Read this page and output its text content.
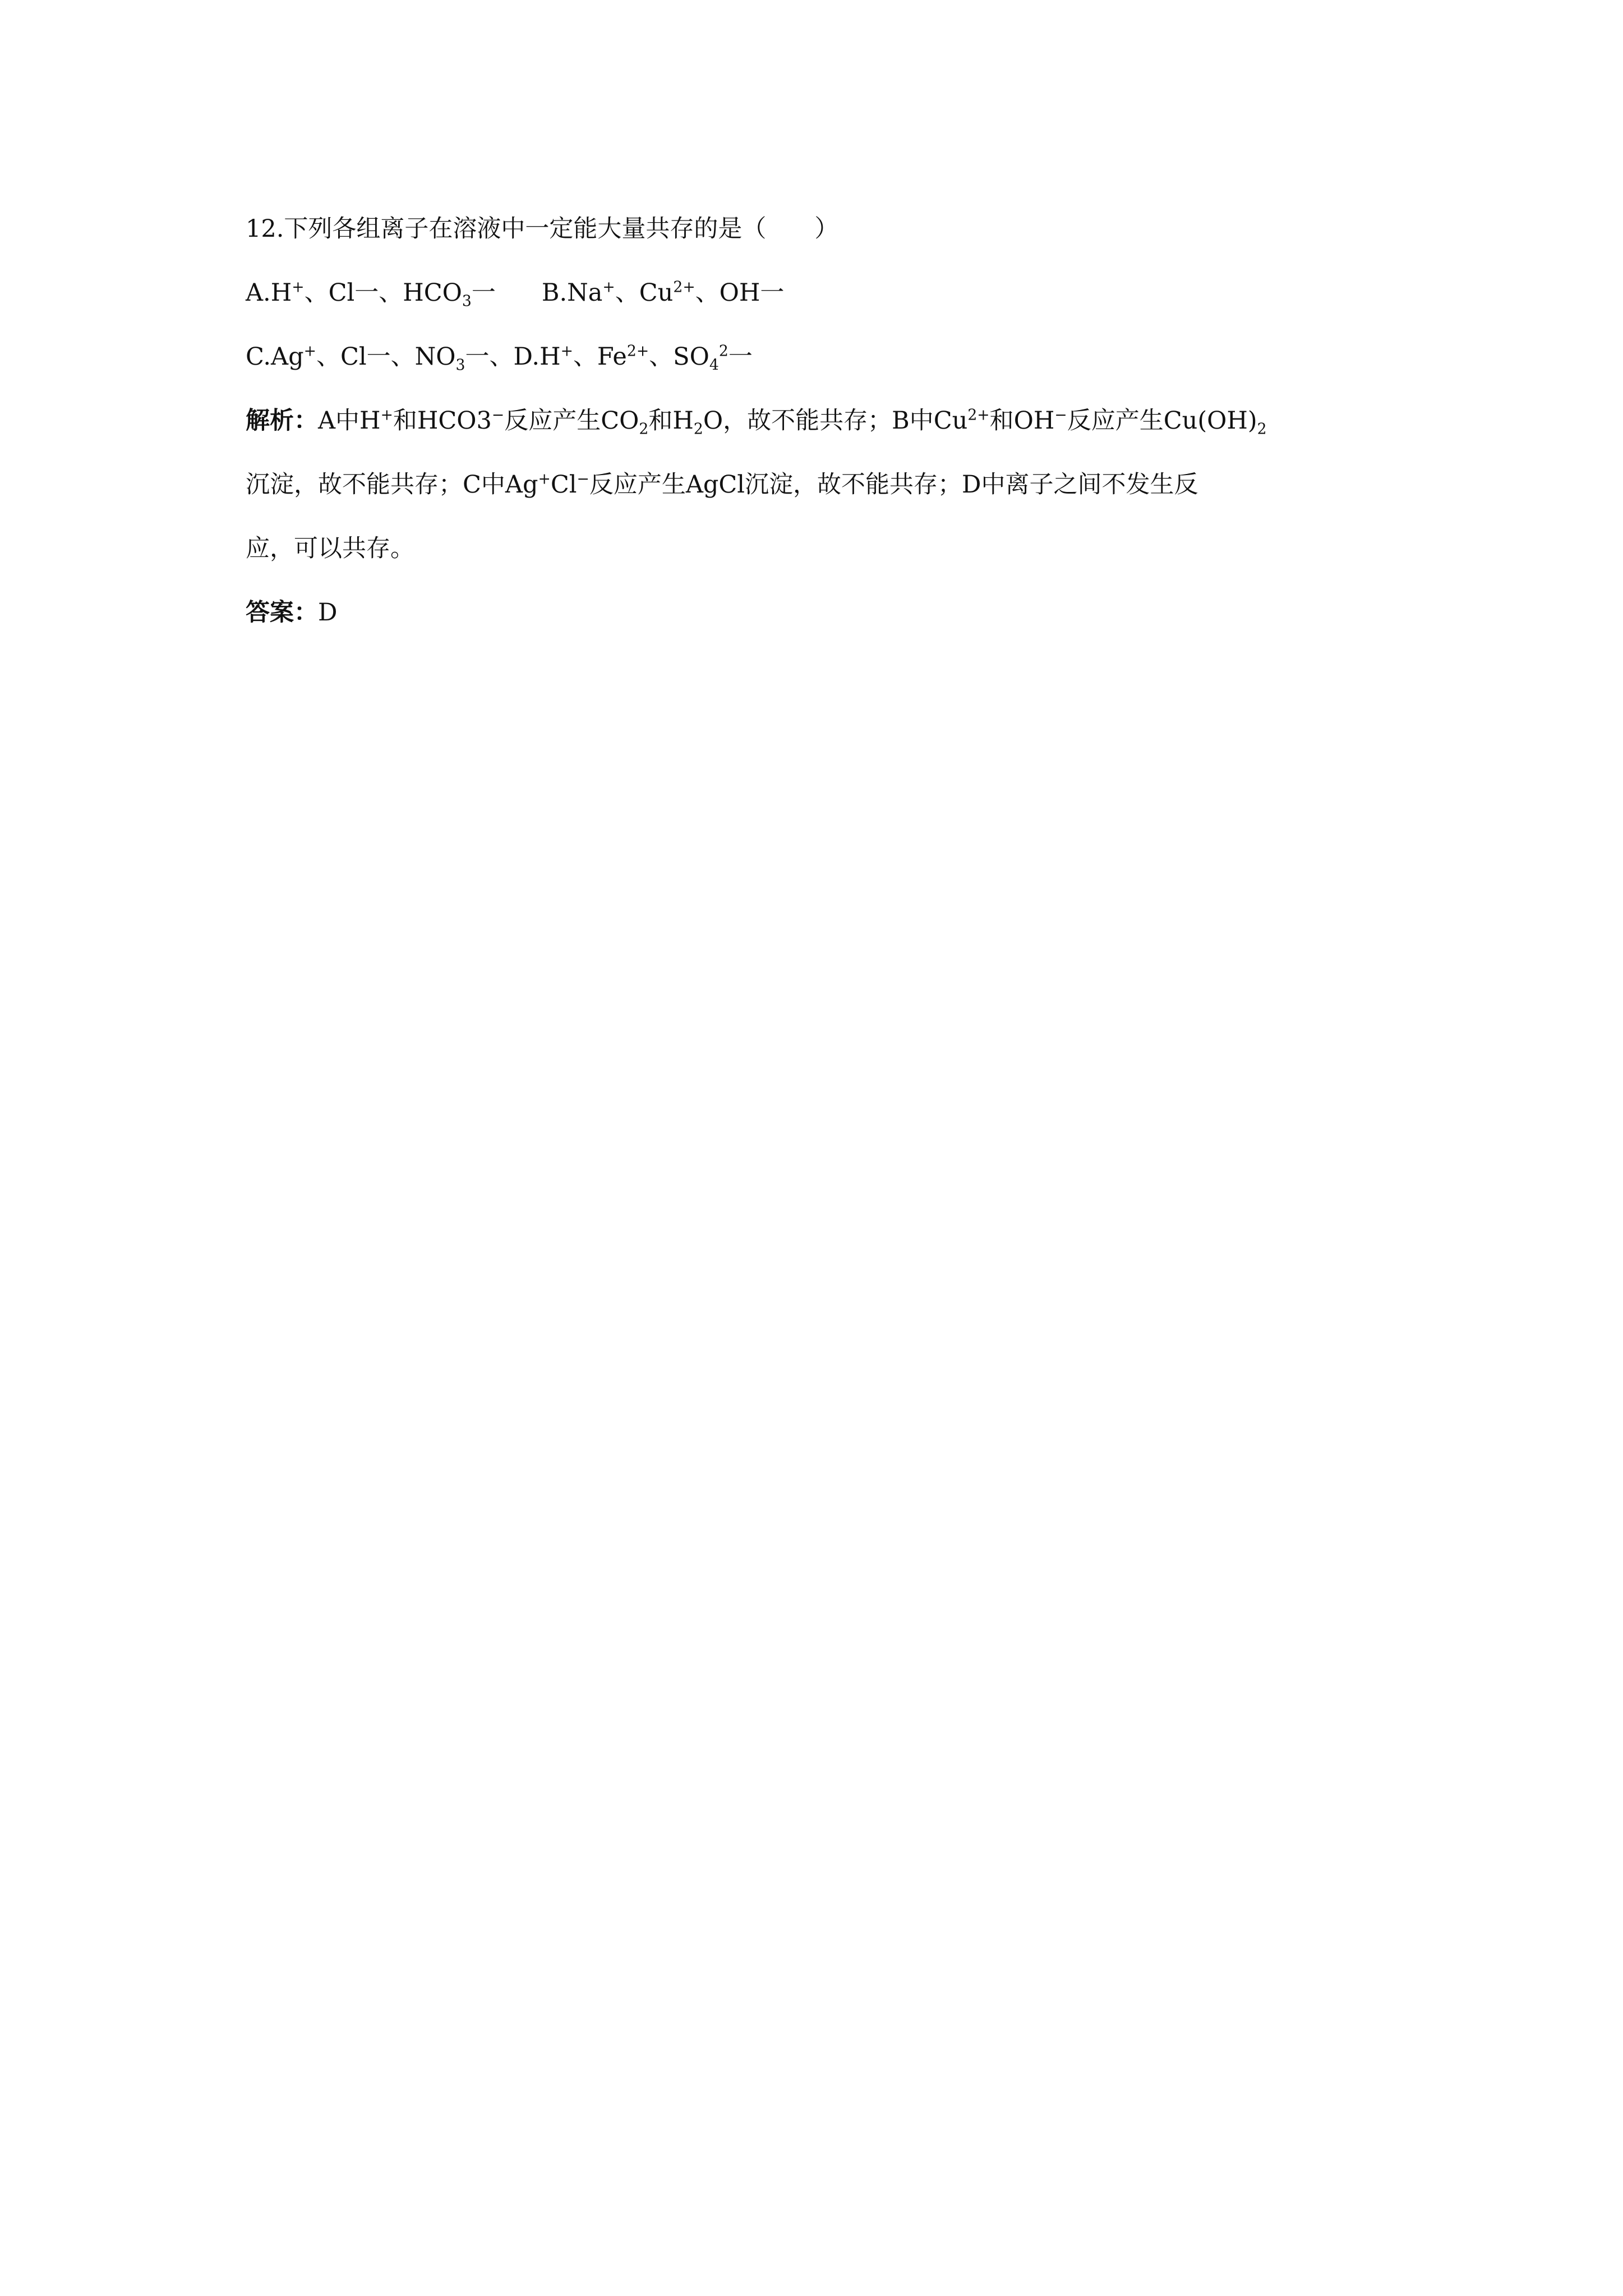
12.下列各组离子在溶液中一定能大量共存的是（　　）
A.H+、Cl一、$HCO_3$一 B.Na+、$Cu^{2+}$、OH一
C.Ag+、Cl一、$NO_3$一、D.H+、$Fe^{2+}$、$SO_4^2$一
解析：A中H+和HCO3−反应产生$CO_2$和$H_2O$，故不能共存；B中$Cu^{2+}$和OH−反应产生$Cu(OH)_2$
沉淀，故不能共存；C中Ag+Cl−反应产生AgCl沉淀，故不能共存；D中离子之间不发生反
应，可以共存。
答案：D
